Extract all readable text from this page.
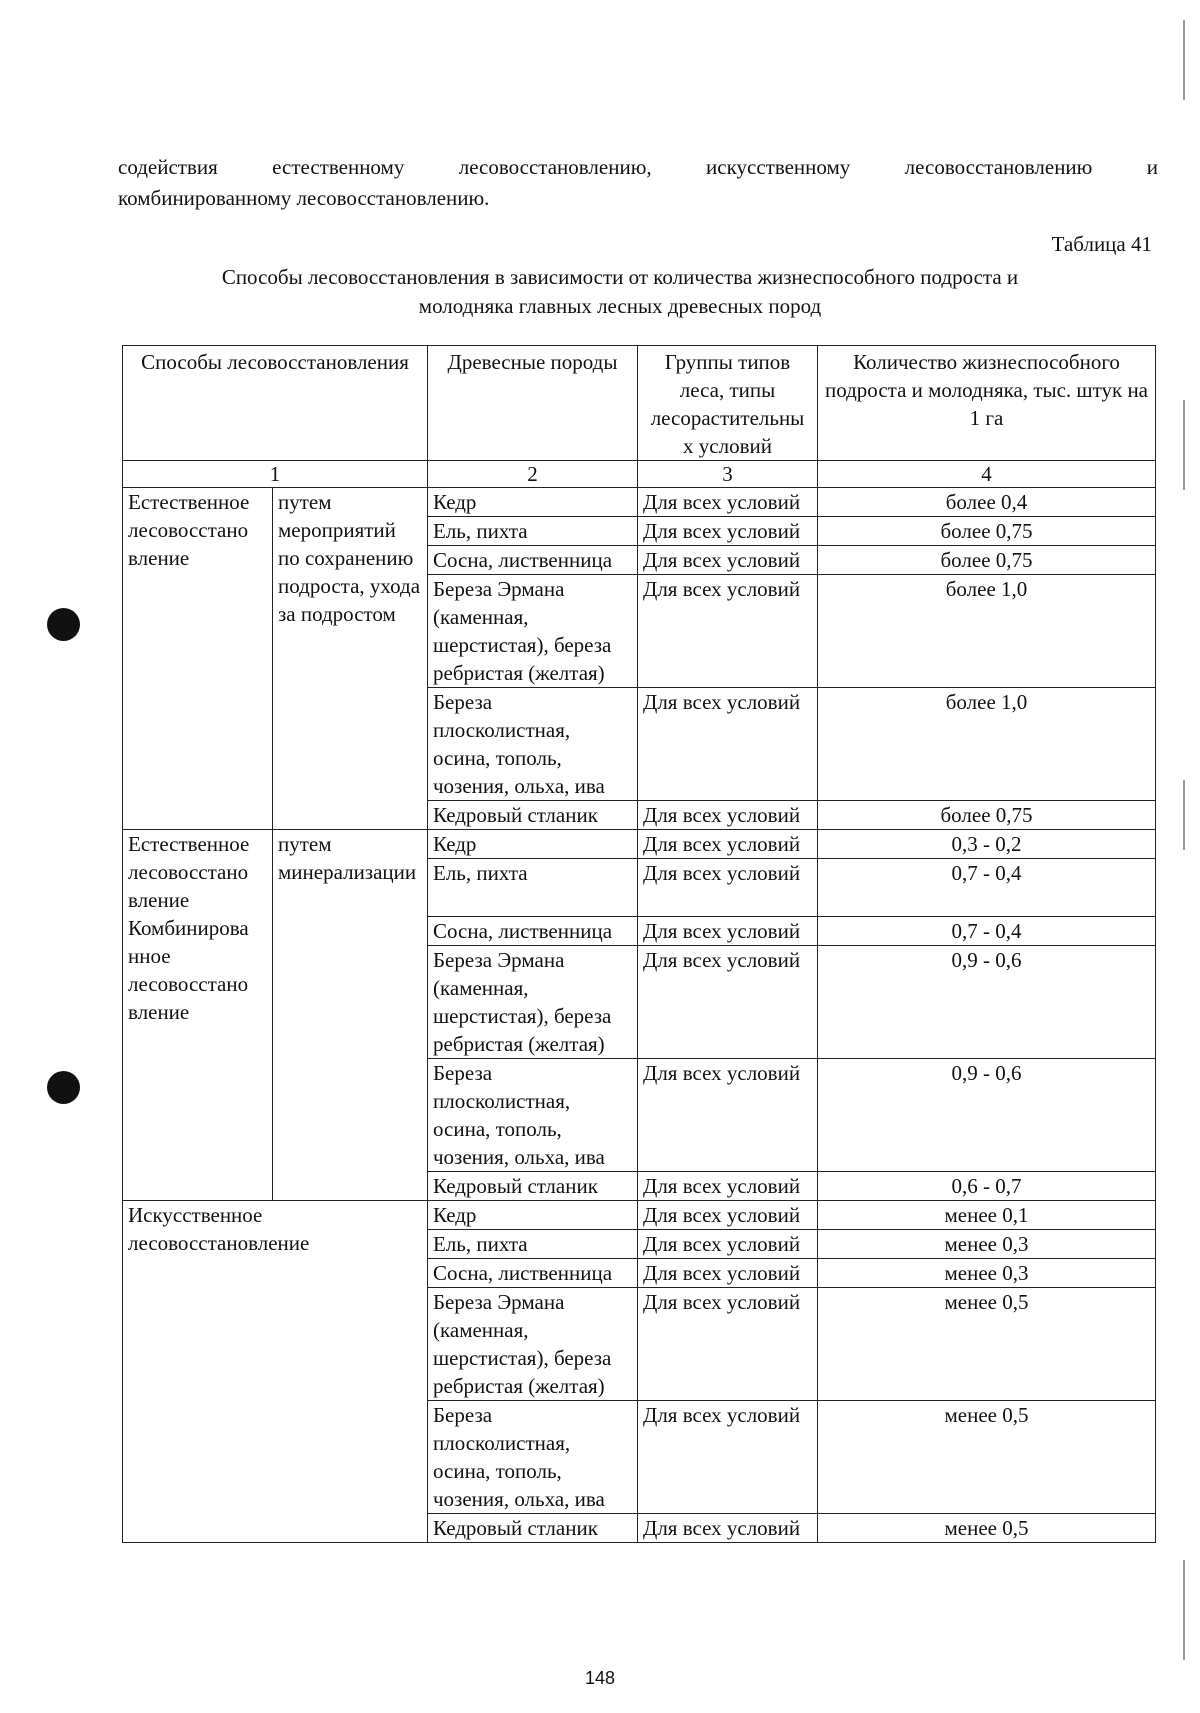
содействия естественному лесовосстановлению, искусственному лесовосстановлению и
комбинированному лесовосстановлению.
Таблица 41
Способы лесовосстановления в зависимости от количества жизнеспособного подроста и
молодняка главных лесных древесных пород
Способы лесовосстановления		Древесные породы	Группы типов леса, типы лесорастительны х условий	Количество жизнеспособного подроста и молодняка, тыс. штук на 1 га
1		2	3	4
Естественное лесовосстано вление	путем мероприятий по сохранению подроста, ухода за подростом	Кедр	Для всех условий	более 0,4
		Ель, пихта	Для всех условий	более 0,75
		Сосна, лиственница	Для всех условий	более 0,75
		Береза Эрмана (каменная, шерстистая), береза ребристая (желтая)	Для всех условий	более 1,0
		Береза плосколистная, осина, тополь, чозения, ольха, ива	Для всех условий	более 1,0
		Кедровый стланик	Для всех условий	более 0,75
Естественное лесовосстано вление Комбинирова нное лесовосстано вление	путем минерализации	Кедр	Для всех условий	0,3 - 0,2
		Ель, пихта	Для всех условий	0,7 - 0,4
		Сосна, лиственница	Для всех условий	0,7 - 0,4
		Береза Эрмана (каменная, шерстистая), береза ребристая (желтая)	Для всех условий	0,9 - 0,6
		Береза плосколистная, осина, тополь, чозения, ольха, ива	Для всех условий	0,9 - 0,6
		Кедровый стланик	Для всех условий	0,6 - 0,7
Искусственное лесовосстановление		Кедр	Для всех условий	менее 0,1
		Ель, пихта	Для всех условий	менее 0,3
		Сосна, лиственница	Для всех условий	менее 0,3
		Береза Эрмана (каменная, шерстистая), береза ребристая (желтая)	Для всех условий	менее 0,5
		Береза плосколистная, осина, тополь, чозения, ольха, ива	Для всех условий	менее 0,5
		Кедровый стланик	Для всех условий	менее 0,5
148
